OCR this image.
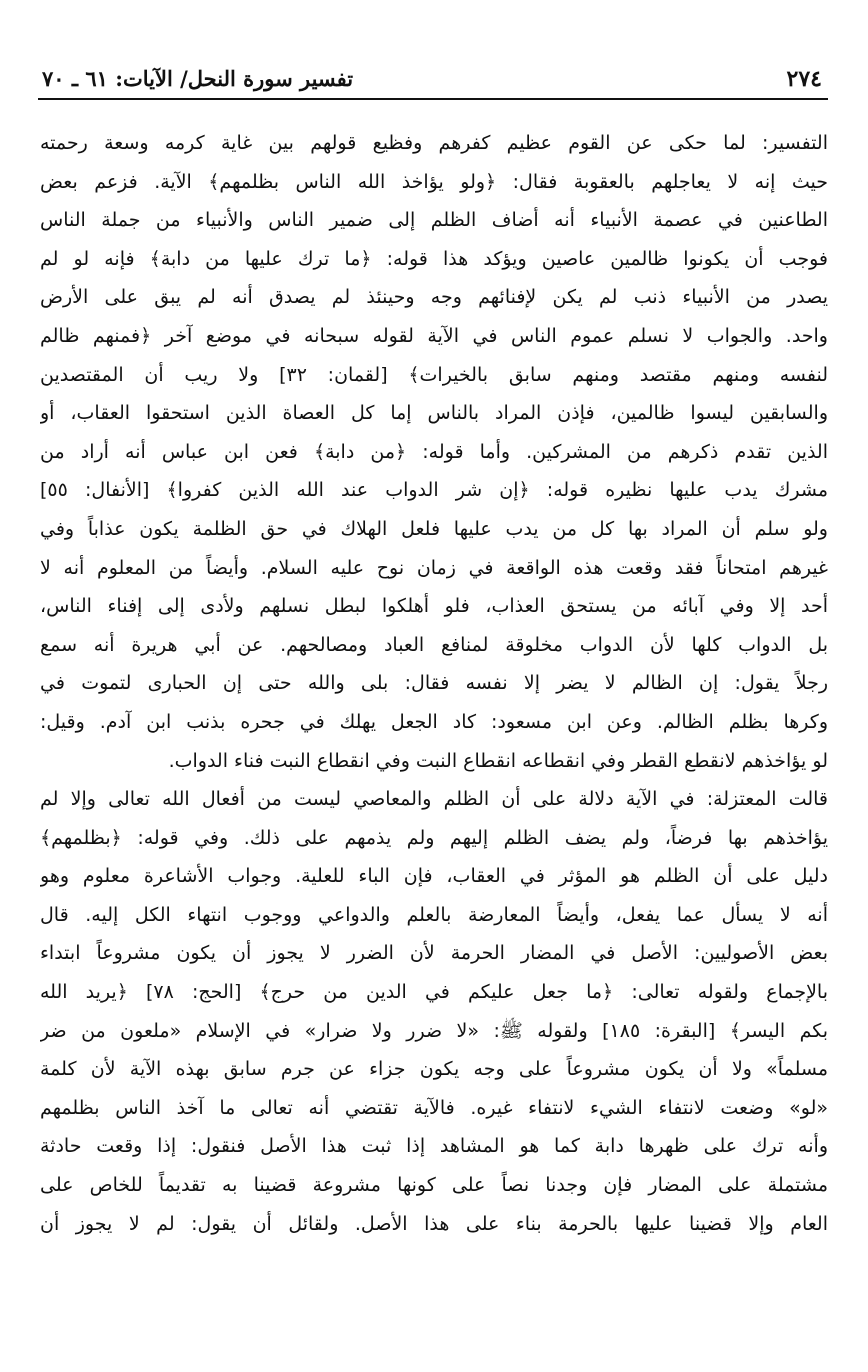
٢٧٤
تفسير سورة النحل/ الآيات: ٦١ ـ ٧٠
التفسير: لما حكى عن القوم عظيم كفرهم وفظيع قولهم بين غاية كرمه وسعة رحمته
حيث إنه لا يعاجلهم بالعقوبة فقال: ﴿ولو يؤاخذ الله الناس بظلمهم﴾ الآية. فزعم بعض
الطاعنين في عصمة الأنبياء أنه أضاف الظلم إلى ضمير الناس والأنبياء من جملة الناس
فوجب أن يكونوا ظالمين عاصين ويؤكد هذا قوله: ﴿ما ترك عليها من دابة﴾ فإنه لو لم
يصدر من الأنبياء ذنب لم يكن لإفنائهم وجه وحينئذ لم يصدق أنه لم يبق على الأرض
واحد. والجواب لا نسلم عموم الناس في الآية لقوله سبحانه في موضع آخر ﴿فمنهم ظالم
لنفسه ومنهم مقتصد ومنهم سابق بالخيرات﴾ [لقمان: ٣٢] ولا ريب أن المقتصدين
والسابقين ليسوا ظالمين، فإذن المراد بالناس إما كل العصاة الذين استحقوا العقاب، أو
الذين تقدم ذكرهم من المشركين. وأما قوله: ﴿من دابة﴾ فعن ابن عباس أنه أراد من
مشرك يدب عليها نظيره قوله: ﴿إن شر الدواب عند الله الذين كفروا﴾ [الأنفال: ٥٥]
ولو سلم أن المراد بها كل من يدب عليها فلعل الهلاك في حق الظلمة يكون عذاباً وفي
غيرهم امتحاناً فقد وقعت هذه الواقعة في زمان نوح عليه السلام. وأيضاً من المعلوم أنه لا
أحد إلا وفي آبائه من يستحق العذاب، فلو أهلكوا لبطل نسلهم ولأدى إلى إفناء الناس،
بل الدواب كلها لأن الدواب مخلوقة لمنافع العباد ومصالحهم. عن أبي هريرة أنه سمع
رجلاً يقول: إن الظالم لا يضر إلا نفسه فقال: بلى والله حتى إن الحبارى لتموت في
وكرها بظلم الظالم. وعن ابن مسعود: كاد الجعل يهلك في جحره بذنب ابن آدم. وقيل:
لو يؤاخذهم لانقطع القطر وفي انقطاعه انقطاع النبت وفي انقطاع النبت فناء الدواب.
قالت المعتزلة: في الآية دلالة على أن الظلم والمعاصي ليست من أفعال الله تعالى وإلا لم
يؤاخذهم بها فرضاً، ولم يضف الظلم إليهم ولم يذمهم على ذلك. وفي قوله: ﴿بظلمهم﴾
دليل على أن الظلم هو المؤثر في العقاب، فإن الباء للعلية. وجواب الأشاعرة معلوم وهو
أنه لا يسأل عما يفعل، وأيضاً المعارضة بالعلم والدواعي ووجوب انتهاء الكل إليه. قال
بعض الأصوليين: الأصل في المضار الحرمة لأن الضرر لا يجوز أن يكون مشروعاً ابتداء
بالإجماع ولقوله تعالى: ﴿ما جعل عليكم في الدين من حرج﴾ [الحج: ٧٨] ﴿يريد الله
بكم اليسر﴾ [البقرة: ١٨٥] ولقوله ﷺ: «لا ضرر ولا ضرار» في الإسلام «ملعون من ضر
مسلماً» ولا أن يكون مشروعاً على وجه يكون جزاء عن جرم سابق بهذه الآية لأن كلمة
«لو» وضعت لانتفاء الشيء لانتفاء غيره. فالآية تقتضي أنه تعالى ما آخذ الناس بظلمهم
وأنه ترك على ظهرها دابة كما هو المشاهد إذا ثبت هذا الأصل فنقول: إذا وقعت حادثة
مشتملة على المضار فإن وجدنا نصاً على كونها مشروعة قضينا به تقديماً للخاص على
العام وإلا قضينا عليها بالحرمة بناء على هذا الأصل. ولقائل أن يقول: لم لا يجوز أن
